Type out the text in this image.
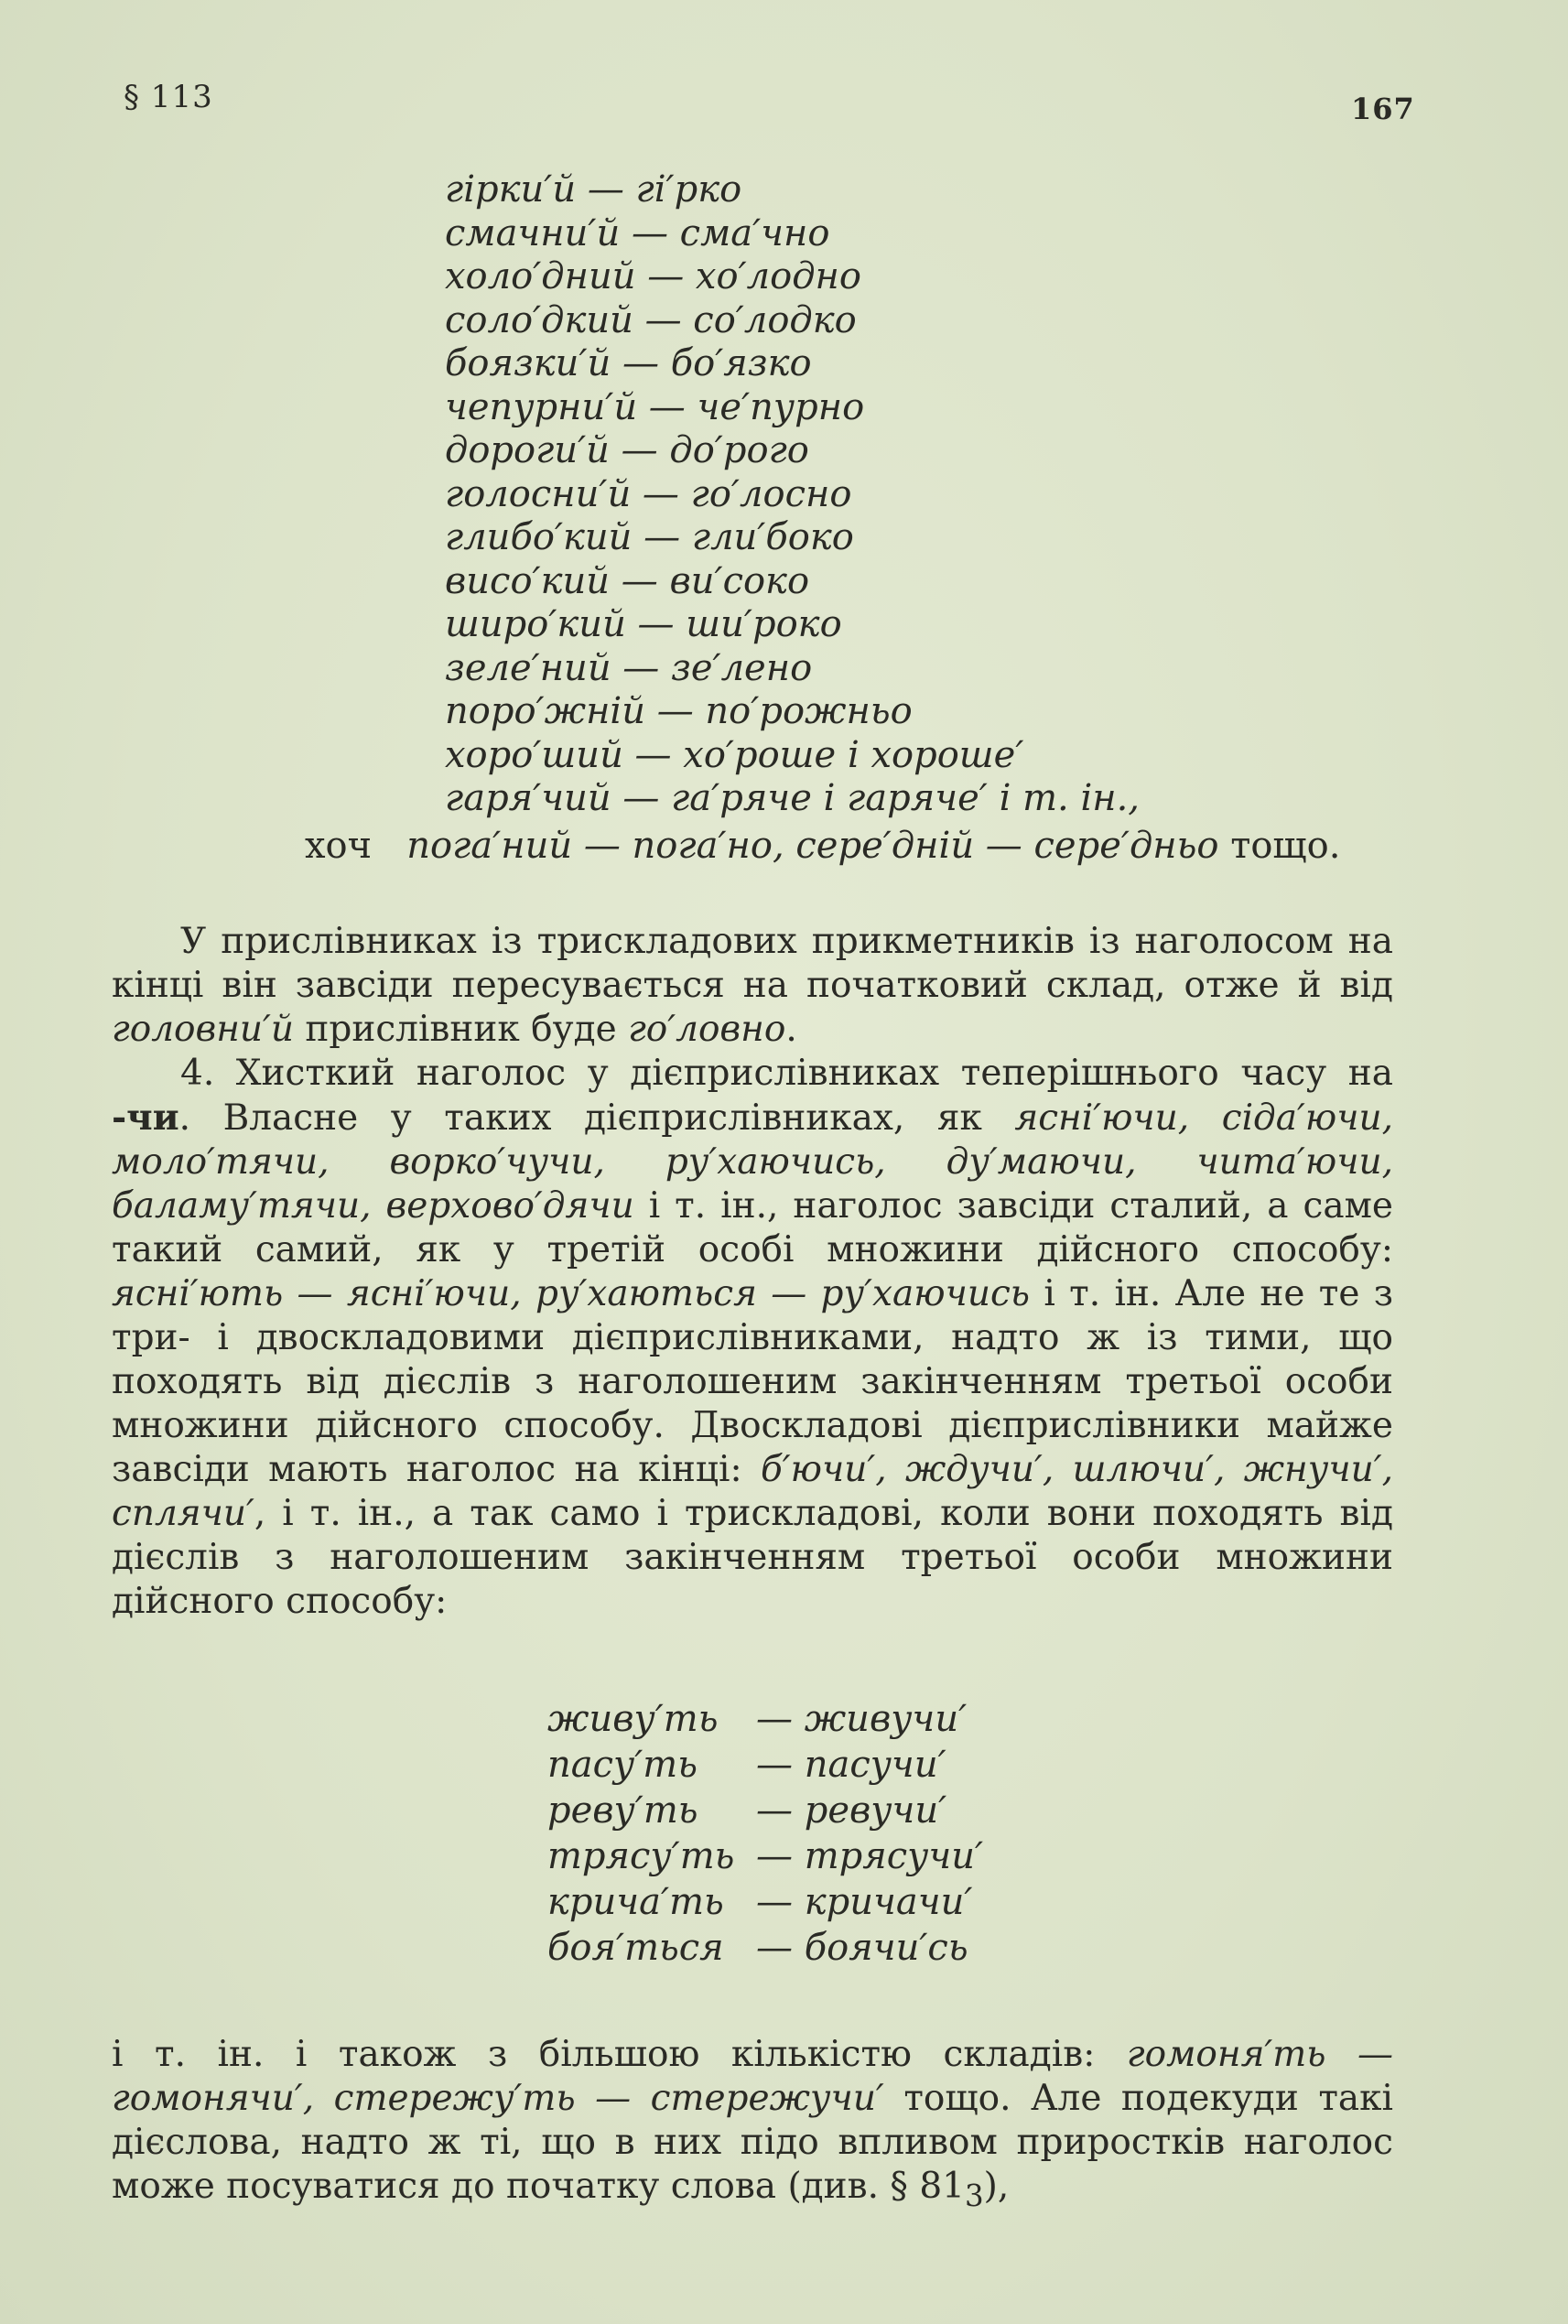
§ 113	167
гірки′й — гі′рко
смачни′й — сма′чно
холо′дний — хо′лодно
соло′дкий — со′лодко
боязки′й — бо′язко
чепурни′й — че′пурно
дороги′й — до′рого
голосни′й — го′лосно
глибо′кий — гли′боко
висо′кий — ви′соко
широ′кий — ши′роко
зеле′ний — зе′лено
поро′жній — по′рожньо
хоро′ший — хо′роше і хороше′
гаря′чий — га′ряче і гаряче′ і т. ін.,
хоч пога′ний — пога′но, сере′дній — сере′дньо тощо.
У прислівниках із трискладових прикметників із наголосом на кінці він завсіди пересувається на початковий склад, отже й від головни′й прислівник буде го′ловно.
4. Хисткий наголос у дієприслівниках теперішнього часу на -чи. Власне у таких дієприслівниках, як ясні′ючи, сіда′ючи, моло′тячи, ворко′чучи, ру′хаючись, ду′маючи, чита′ючи, баламу′тячи, верхово′дячи і т. ін., наголос завсіди сталий, а саме такий самий, як у третій особі множини дійсного способу: ясні′ють — ясні′ючи, ру′хаються — ру′хаючись і т. ін. Але не те з три- і двоскладовими дієприслівниками, надто ж із тими, що походять від дієслів з наголошеним закінченням третьої особи множини дійсного способу. Двоскладові дієприслівники майже завсіди мають наголос на кінці: б′ючи′, ждучи′, шлючи′, жнучи′, сплячи′, і т. ін., а так само і трискладові, коли вони походять від дієслів з наголошеним закінченням третьої особи множини дійсного способу:
живу′ть	— живучи′
пасу′ть	— пасучи′
реву′ть	— ревучи′
трясу′ть	— трясучи′
крича′ть	— кричачи′
боя′ться	— боячи′сь
і т. ін. і також з більшою кількістю складів: гомоня′ть — гомонячи′, стережу′ть — стережучи′ тощо. Але подекуди такі дієслова, надто ж ті, що в них підо впливом приростків наголос може посуватися до початку слова (див. § $81_3$),
